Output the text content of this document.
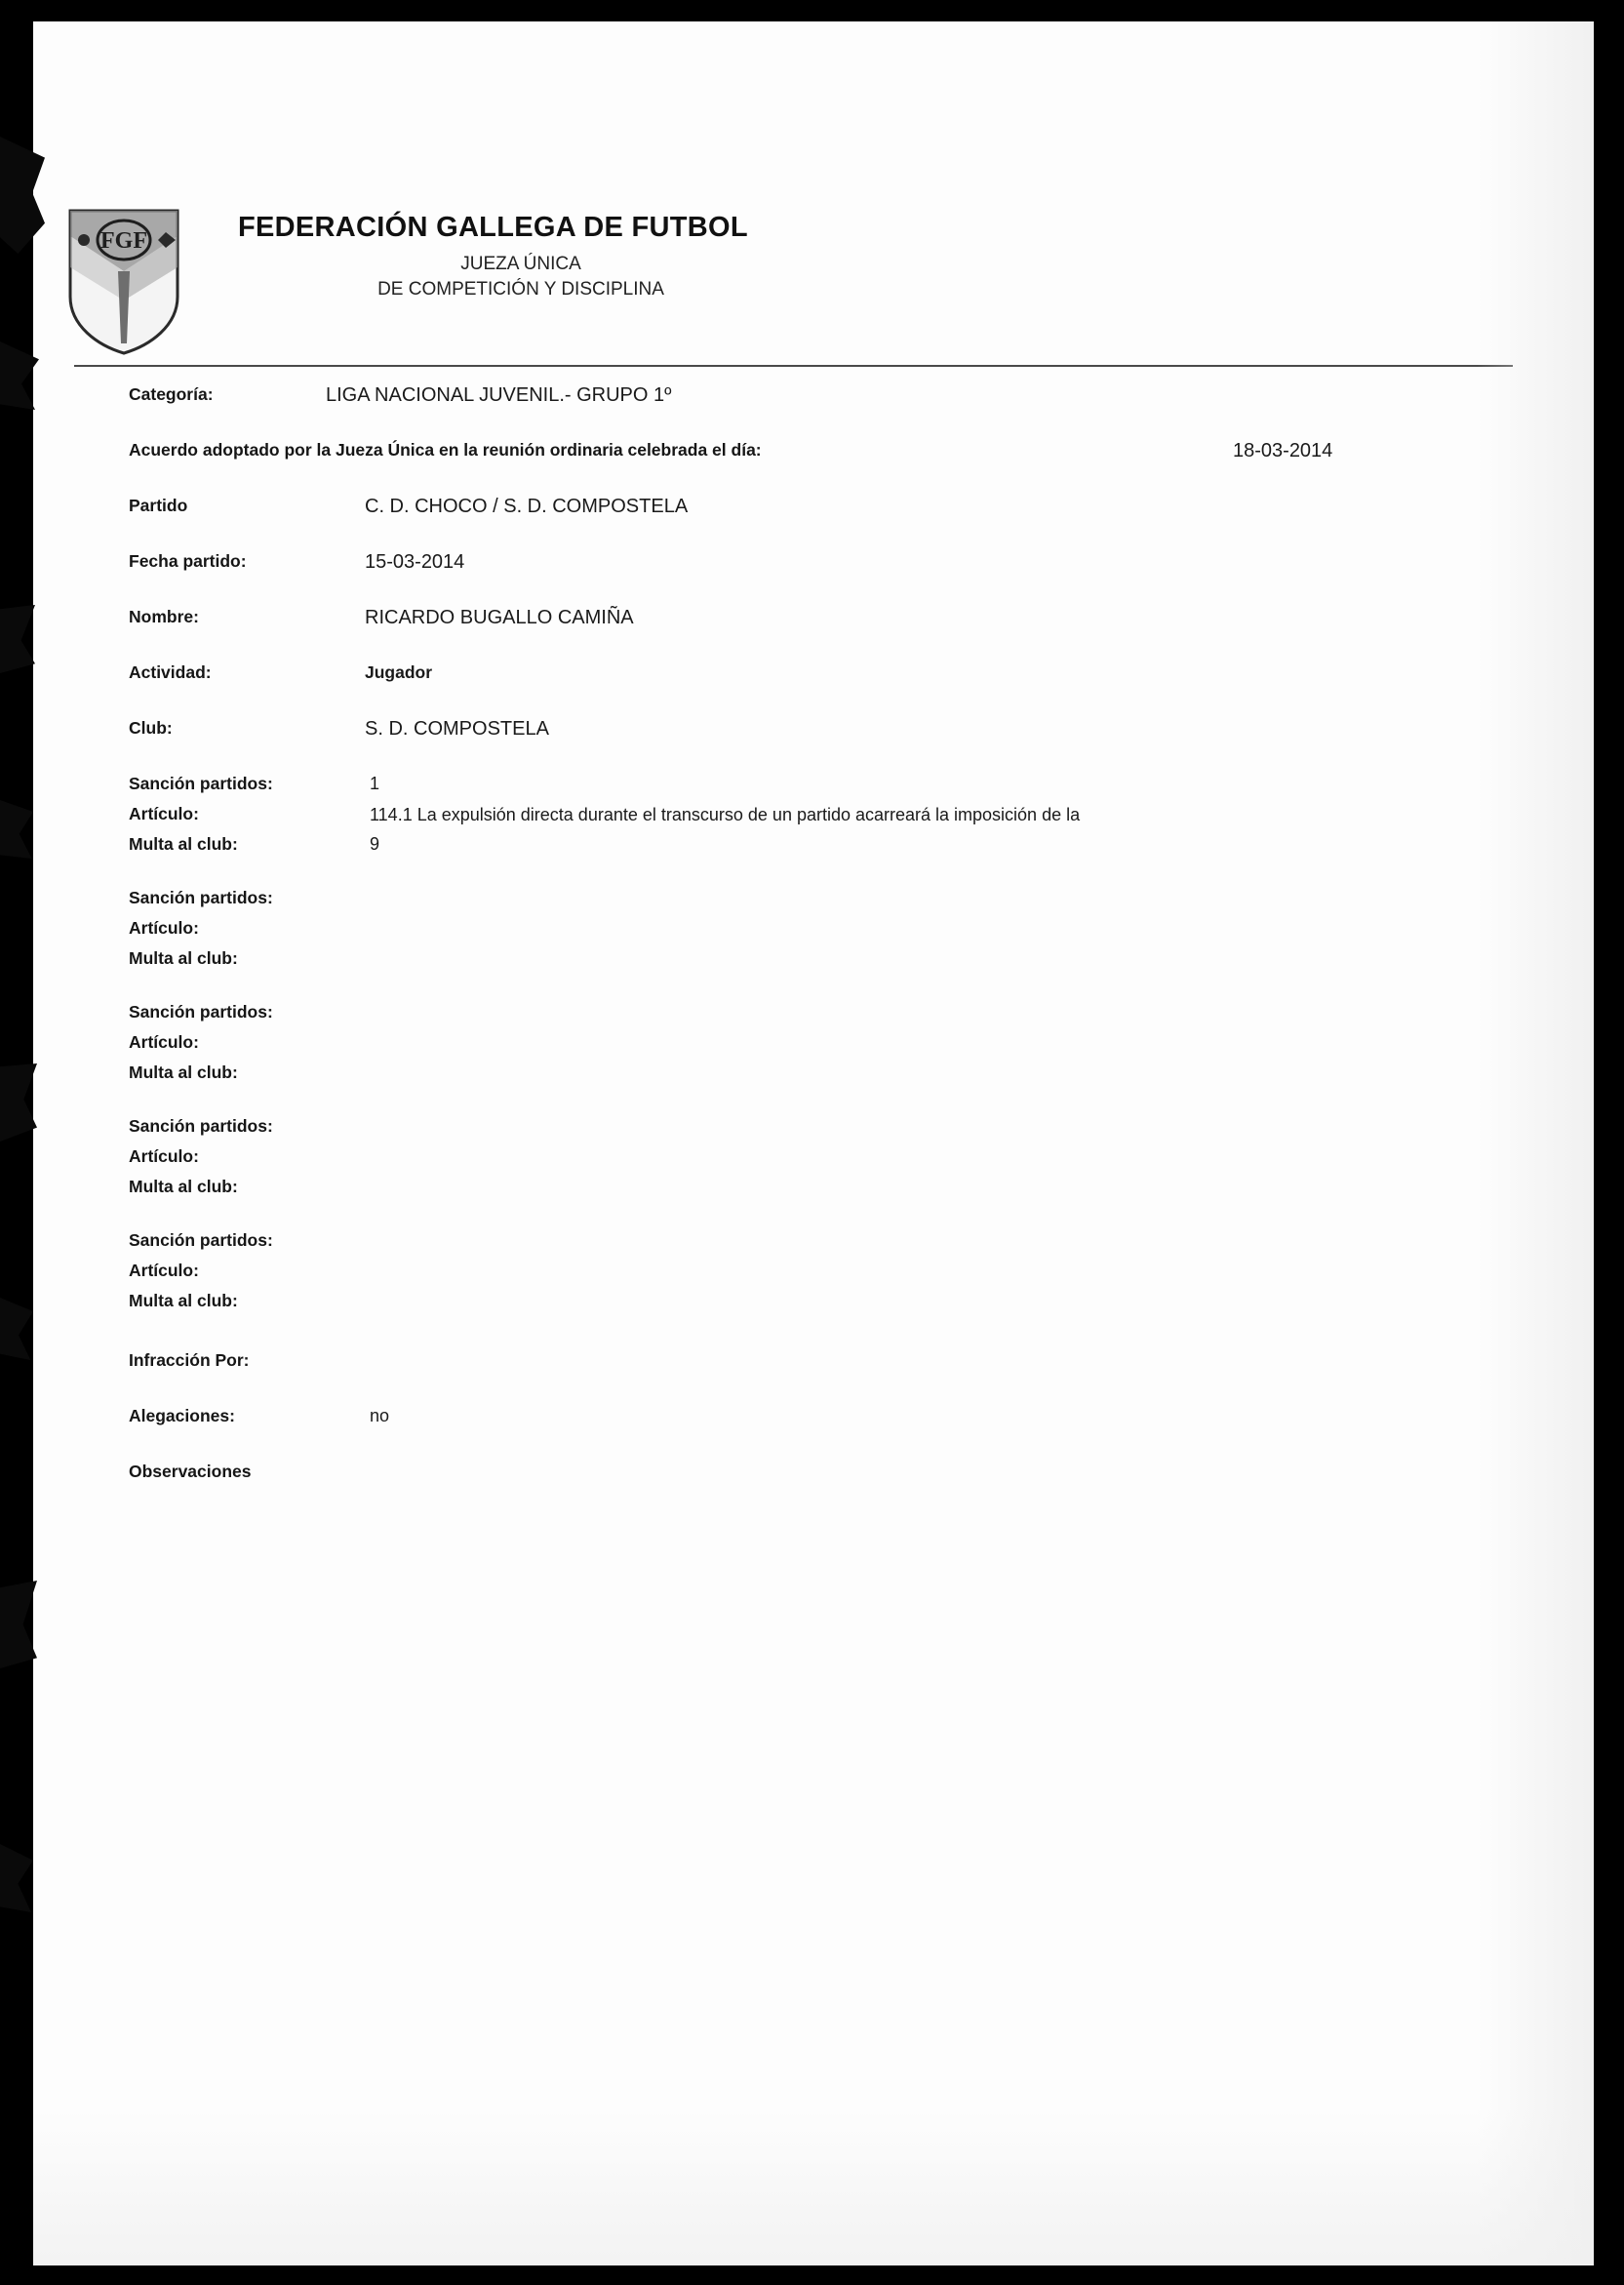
FGF	FEDERACIÓN GALLEGA DE FUTBOL
JUEZA ÚNICA
DE COMPETICIÓN Y DISCIPLINA
Categoría:	LIGA NACIONAL JUVENIL.- GRUPO 1º
Acuerdo adoptado por la Jueza Única en la reunión ordinaria celebrada el día:	18-03-2014
Partido	C. D. CHOCO / S. D. COMPOSTELA
Fecha partido:	15-03-2014
Nombre:	RICARDO BUGALLO CAMIÑA
Actividad:	Jugador
Club:	S. D. COMPOSTELA
Sanción partidos:	1
Artículo:	114.1 La expulsión directa durante el transcurso de un partido acarreará la imposición de la
Multa al club:	9
Sanción partidos:
Artículo:
Multa al club:
Sanción partidos:
Artículo:
Multa al club:
Sanción partidos:
Artículo:
Multa al club:
Sanción partidos:
Artículo:
Multa al club:
Infracción Por:
Alegaciones:	no
Observaciones
